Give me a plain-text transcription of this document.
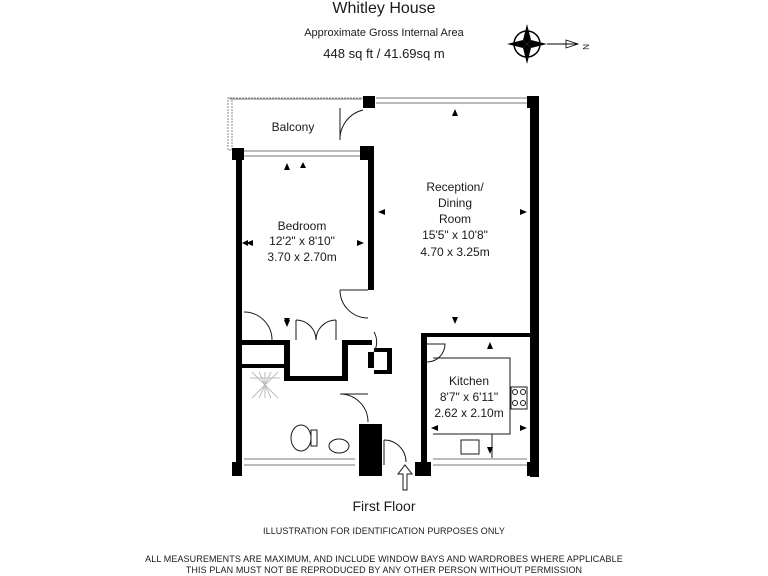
Whitley House
Approximate Gross Internal Area
448 sq ft / 41.69sq m	N
Balcony
Bedroom
12'2" x 8'10"
3.70 x 2.70m
Reception/
Dining
Room
15'5" x 10'8"
4.70 x 3.25m
Kitchen
8'7" x 6'11"
2.62 x 2.10m
First Floor
ILLUSTRATION FOR IDENTIFICATION PURPOSES ONLY
ALL MEASUREMENTS ARE MAXIMUM, AND INCLUDE WINDOW BAYS AND WARDROBES WHERE APPLICABLE
THIS PLAN MUST NOT BE REPRODUCED BY ANY OTHER PERSON WITHOUT PERMISSION
